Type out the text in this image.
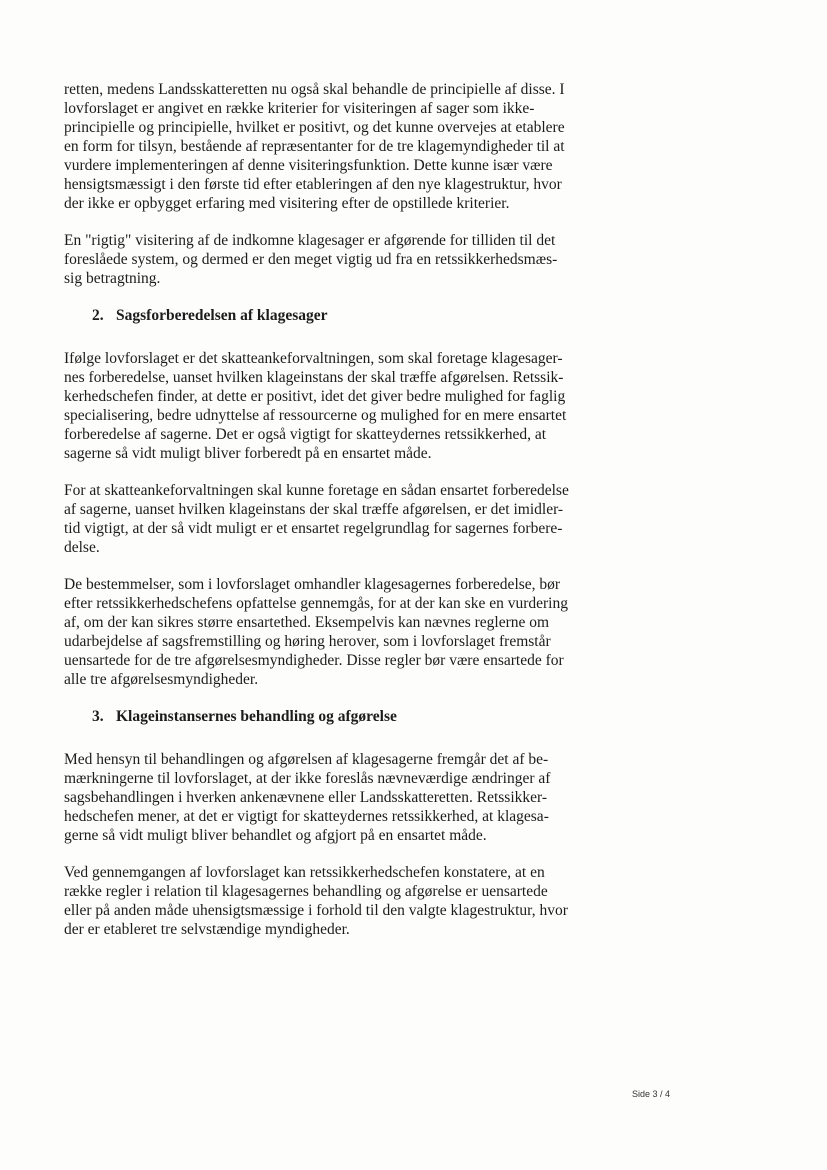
retten, medens Landsskatteretten nu også skal behandle de principielle af disse. I
lovforslaget er angivet en række kriterier for visiteringen af sager som ikke-
principielle og principielle, hvilket er positivt, og det kunne overvejes at etablere
en form for tilsyn, bestående af repræsentanter for de tre klagemyndigheder til at
vurdere implementeringen af denne visiteringsfunktion. Dette kunne især være
hensigtsmæssigt i den første tid efter etableringen af den nye klagestruktur, hvor
der ikke er opbygget erfaring med visitering efter de opstillede kriterier.
En "rigtig" visitering af de indkomne klagesager er afgørende for tilliden til det
foreslåede system, og dermed er den meget vigtig ud fra en retssikkerhedsmæs-
sig betragtning.
2. Sagsforberedelsen af klagesager
Ifølge lovforslaget er det skatteankeforvaltningen, som skal foretage klagesager-
nes forberedelse, uanset hvilken klageinstans der skal træffe afgørelsen. Retssik-
kerhedschefen finder, at dette er positivt, idet det giver bedre mulighed for faglig
specialisering, bedre udnyttelse af ressourcerne og mulighed for en mere ensartet
forberedelse af sagerne. Det er også vigtigt for skatteydernes retssikkerhed, at
sagerne så vidt muligt bliver forberedt på en ensartet måde.
For at skatteankeforvaltningen skal kunne foretage en sådan ensartet forberedelse
af sagerne, uanset hvilken klageinstans der skal træffe afgørelsen, er det imidler-
tid vigtigt, at der så vidt muligt er et ensartet regelgrundlag for sagernes forbere-
delse.
De bestemmelser, som i lovforslaget omhandler klagesagernes forberedelse, bør
efter retssikkerhedschefens opfattelse gennemgås, for at der kan ske en vurdering
af, om der kan sikres større ensartethed. Eksempelvis kan nævnes reglerne om
udarbejdelse af sagsfremstilling og høring herover, som i lovforslaget fremstår
uensartede for de tre afgørelsesmyndigheder. Disse regler bør være ensartede for
alle tre afgørelsesmyndigheder.
3. Klageinstansernes behandling og afgørelse
Med hensyn til behandlingen og afgørelsen af klagesagerne fremgår det af be-
mærkningerne til lovforslaget, at der ikke foreslås nævneværdige ændringer af
sagsbehandlingen i hverken ankenævnene eller Landsskatteretten. Retssikker-
hedschefen mener, at det er vigtigt for skatteydernes retssikkerhed, at klagesa-
gerne så vidt muligt bliver behandlet og afgjort på en ensartet måde.
Ved gennemgangen af lovforslaget kan retssikkerhedschefen konstatere, at en
række regler i relation til klagesagernes behandling og afgørelse er uensartede
eller på anden måde uhensigtsmæssige i forhold til den valgte klagestruktur, hvor
der er etableret tre selvstændige myndigheder.
Side 3 / 4
